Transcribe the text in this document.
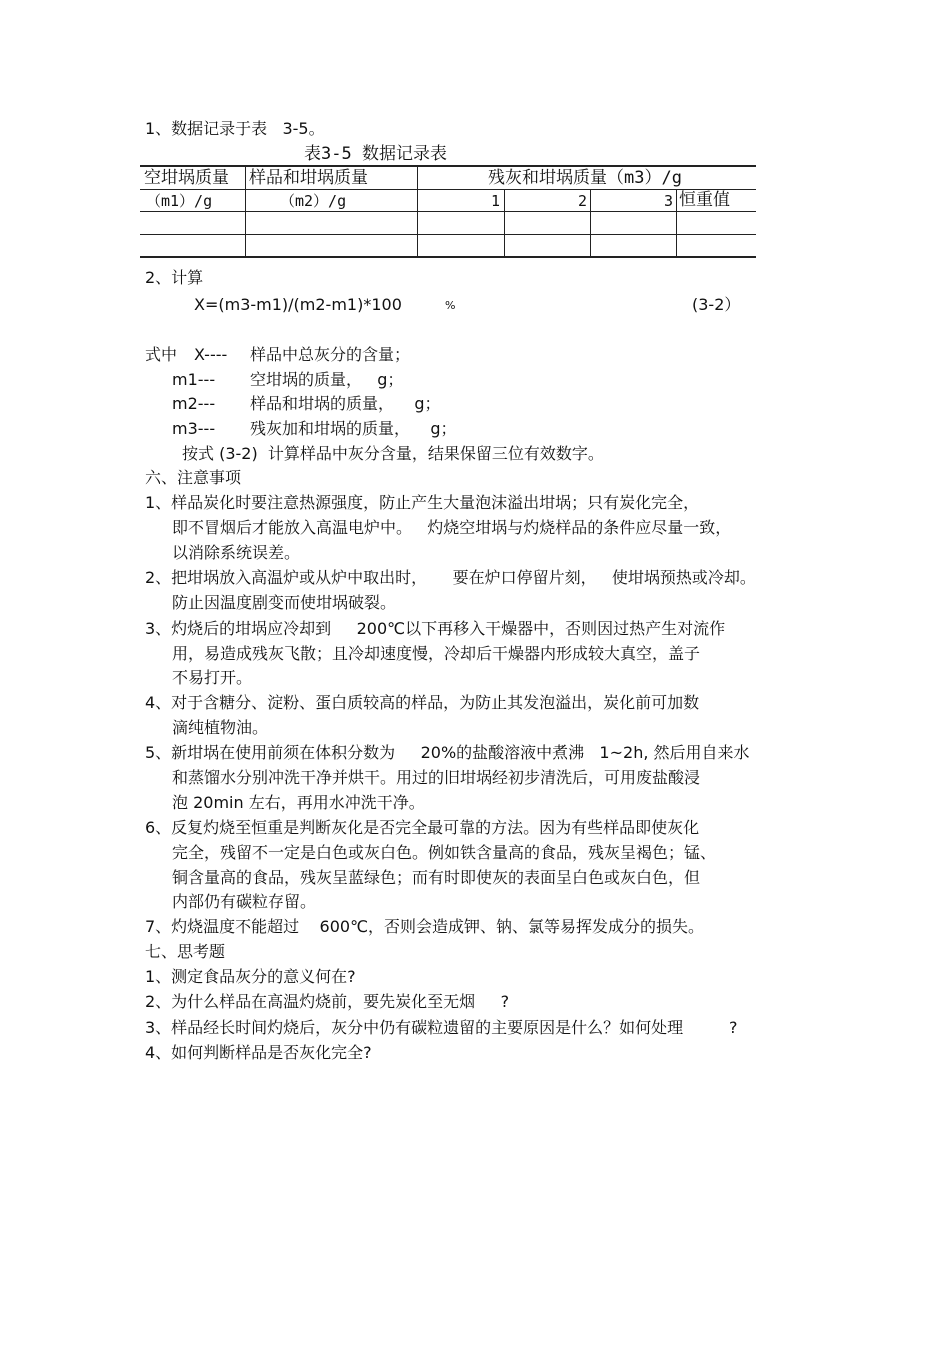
1、数据记录于表   3-5。
表3-5 数据记录表
空坩埚质量 样品和坩埚质量	残灰和坩埚质量（m3）/g
（m1）/g	（m2）/g	1	2	3 恒重值
2、计算
X=(m3-m1)/(m2-m1)*100	%	(3-2）
式中 X---- 样品中总灰分的含量；
m1--- 空坩埚的质量，   g；
m2--- 样品和坩埚的质量，    g；
m3--- 残灰加和坩埚的质量，    g；
按式 (3-2)  计算样品中灰分含量，结果保留三位有效数字。
六、注意事项
1、样品炭化时要注意热源强度，防止产生大量泡沫溢出坩埚；只有炭化完全，
即不冒烟后才能放入高温电炉中。   灼烧空坩埚与灼烧样品的条件应尽量一致，
以消除系统误差。
2、把坩埚放入高温炉或从炉中取出时，     要在炉口停留片刻，   使坩埚预热或冷却。
防止因温度剧变而使坩埚破裂。
3、灼烧后的坩埚应冷却到     200℃以下再移入干燥器中，否则因过热产生对流作
用，易造成残灰飞散；且冷却速度慢，冷却后干燥器内形成较大真空，盖子
不易打开。
4、对于含糖分、淀粉、蛋白质较高的样品，为防止其发泡溢出，炭化前可加数
滴纯植物油。
5、新坩埚在使用前须在体积分数为     20%的盐酸溶液中煮沸   1~2h, 然后用自来水
和蒸馏水分别冲洗干净并烘干。用过的旧坩埚经初步清洗后，可用废盐酸浸
泡 20min 左右，再用水冲洗干净。
6、反复灼烧至恒重是判断灰化是否完全最可靠的方法。因为有些样品即使灰化
完全，残留不一定是白色或灰白色。例如铁含量高的食品，残灰呈褐色；锰、
铜含量高的食品，残灰呈蓝绿色；而有时即使灰的表面呈白色或灰白色，但
内部仍有碳粒存留。
7、灼烧温度不能超过    600℃，否则会造成钾、钠、氯等易挥发成分的损失。
七、思考题
1、测定食品灰分的意义何在?
2、为什么样品在高温灼烧前，要先炭化至无烟     ?
3、样品经长时间灼烧后，灰分中仍有碳粒遗留的主要原因是什么？如何处理         ?
4、如何判断样品是否灰化完全?
